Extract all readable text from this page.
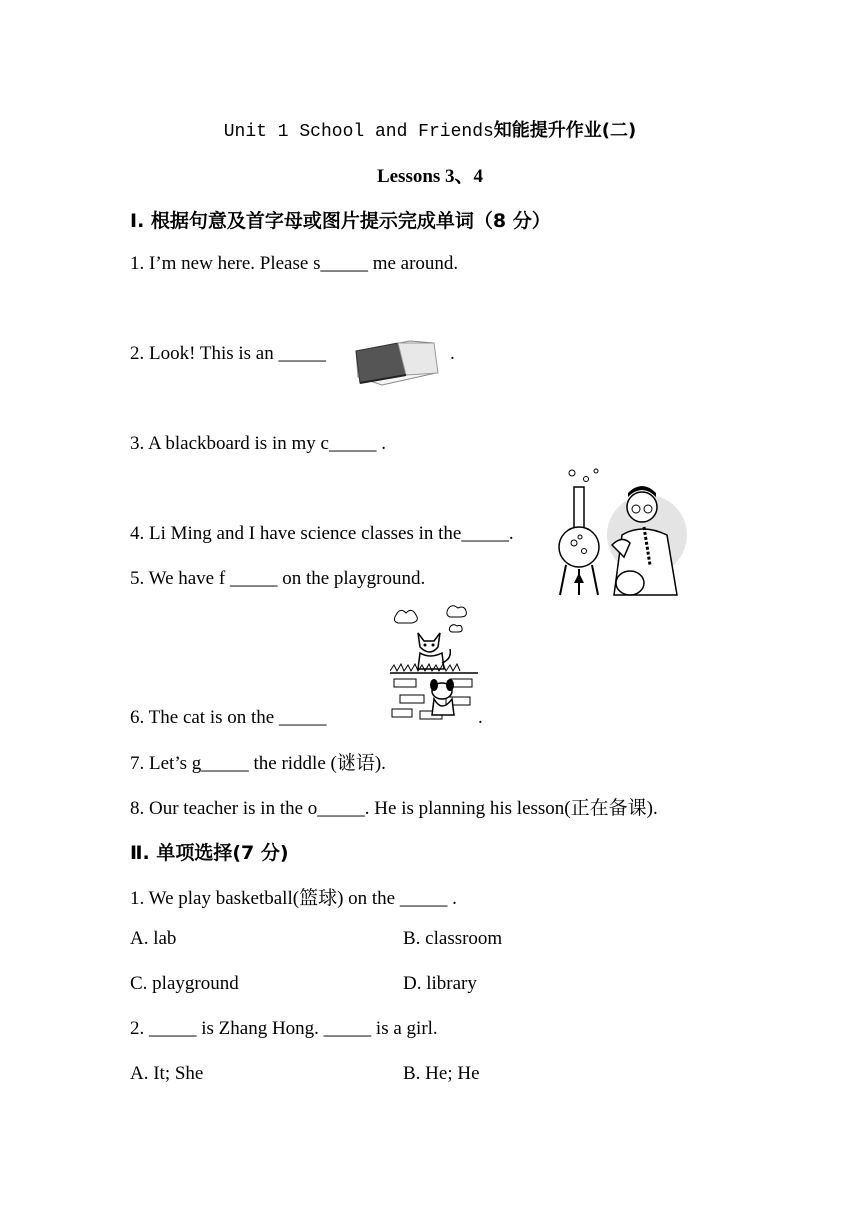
Unit 1 School and Friends知能提升作业(二)
Lessons 3、4
Ⅰ. 根据句意及首字母或图片提示完成单词（8 分）
1. I’m new here. Please s_____ me around.
2. Look! This is an _____	.
3. A blackboard is in my c_____ .
4. Li Ming and I have science classes in the_____.
5. We have f _____ on the playground.
6. The cat is on the _____	.
7. Let’s g_____ the riddle (谜语).
8. Our teacher is in the o_____. He is planning his lesson(正在备课).
Ⅱ. 单项选择(7 分)
1. We play basketball(篮球) on the _____ .
A. lab	B. classroom
C. playground	D. library
2. _____ is Zhang Hong. _____ is a girl.
A. It; She	B. He; He
